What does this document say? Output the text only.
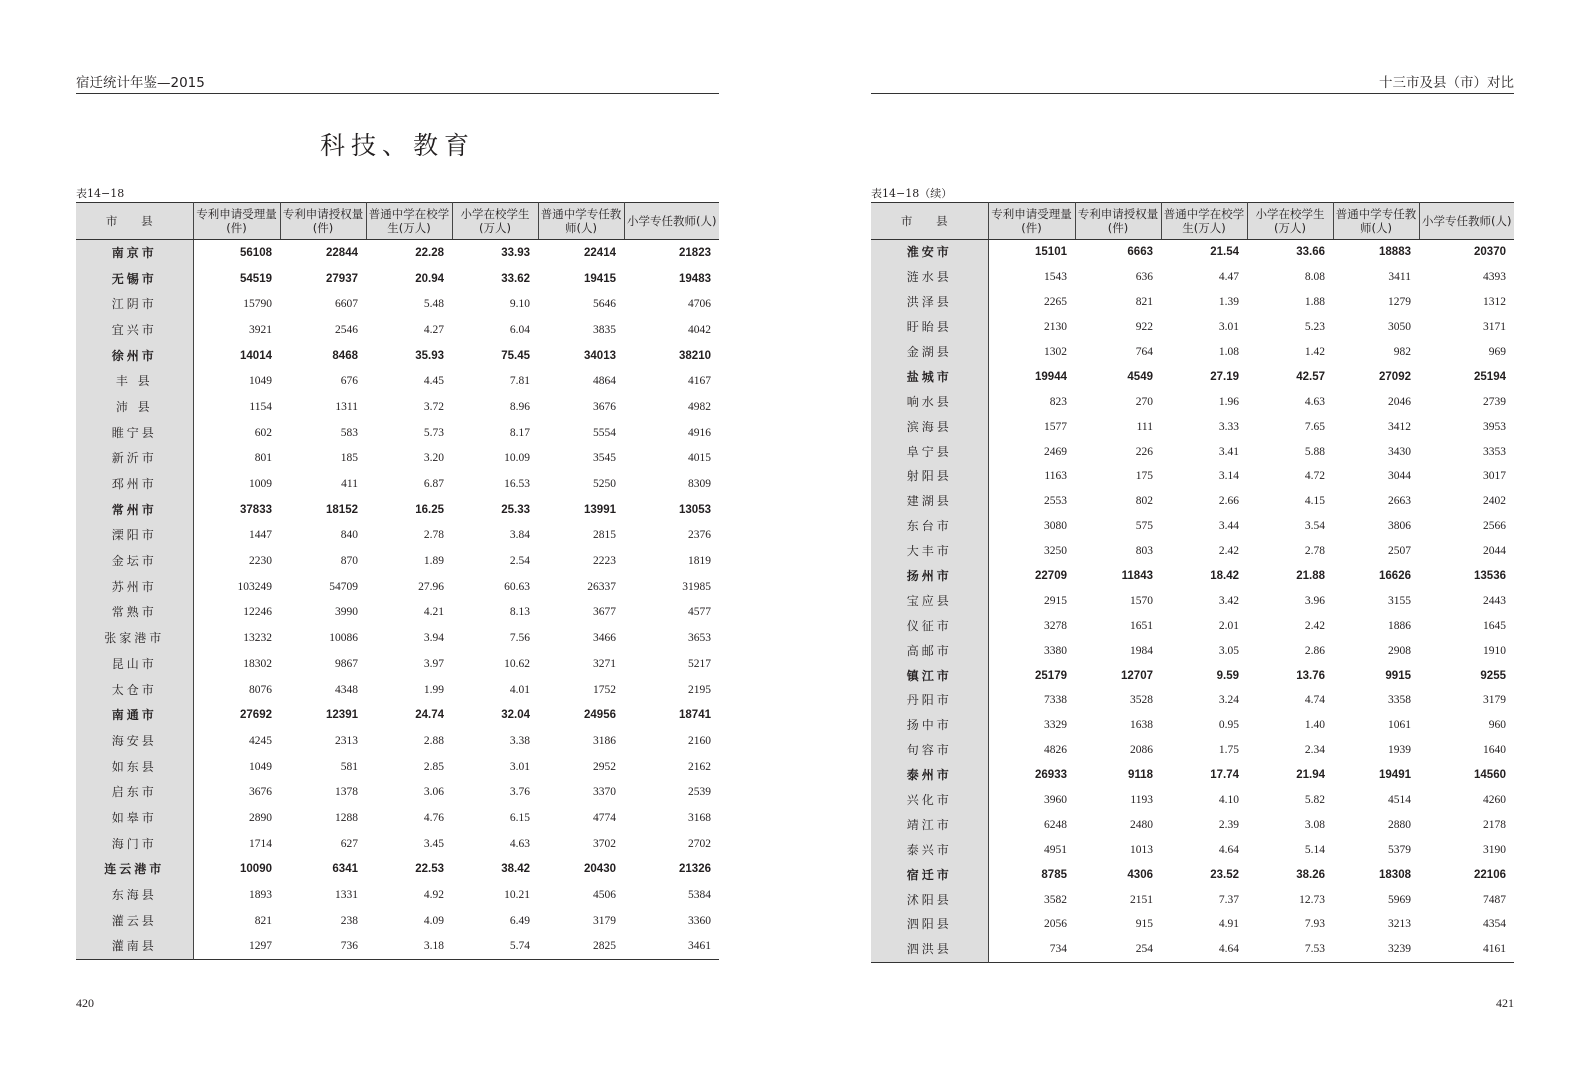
宿迁统计年鉴—2015
科技、教育
表14−18
市 县	专利申请受理量(件)	专利申请授权量(件)	普通中学在校学生(万人)	小学在校学生(万人)	普通中学专任教师(人)	小学专任教师(人)
南京市	56108	22844	22.28	33.93	22414	21823
无锡市	54519	27937	20.94	33.62	19415	19483
江阴市	15790	6607	5.48	9.10	5646	4706
宜兴市	3921	2546	4.27	6.04	3835	4042
徐州市	14014	8468	35.93	75.45	34013	38210
丰 县	1049	676	4.45	7.81	4864	4167
沛 县	1154	1311	3.72	8.96	3676	4982
睢宁县	602	583	5.73	8.17	5554	4916
新沂市	801	185	3.20	10.09	3545	4015
邳州市	1009	411	6.87	16.53	5250	8309
常州市	37833	18152	16.25	25.33	13991	13053
溧阳市	1447	840	2.78	3.84	2815	2376
金坛市	2230	870	1.89	2.54	2223	1819
苏州市	103249	54709	27.96	60.63	26337	31985
常熟市	12246	3990	4.21	8.13	3677	4577
张家港市	13232	10086	3.94	7.56	3466	3653
昆山市	18302	9867	3.97	10.62	3271	5217
太仓市	8076	4348	1.99	4.01	1752	2195
南通市	27692	12391	24.74	32.04	24956	18741
海安县	4245	2313	2.88	3.38	3186	2160
如东县	1049	581	2.85	3.01	2952	2162
启东市	3676	1378	3.06	3.76	3370	2539
如皋市	2890	1288	4.76	6.15	4774	3168
海门市	1714	627	3.45	4.63	3702	2702
连云港市	10090	6341	22.53	38.42	20430	21326
东海县	1893	1331	4.92	10.21	4506	5384
灌云县	821	238	4.09	6.49	3179	3360
灌南县	1297	736	3.18	5.74	2825	3461
420
十三市及县（市）对比
表14−18（续）
市 县	专利申请受理量(件)	专利申请授权量(件)	普通中学在校学生(万人)	小学在校学生(万人)	普通中学专任教师(人)	小学专任教师(人)
淮安市	15101	6663	21.54	33.66	18883	20370
涟水县	1543	636	4.47	8.08	3411	4393
洪泽县	2265	821	1.39	1.88	1279	1312
盱眙县	2130	922	3.01	5.23	3050	3171
金湖县	1302	764	1.08	1.42	982	969
盐城市	19944	4549	27.19	42.57	27092	25194
响水县	823	270	1.96	4.63	2046	2739
滨海县	1577	111	3.33	7.65	3412	3953
阜宁县	2469	226	3.41	5.88	3430	3353
射阳县	1163	175	3.14	4.72	3044	3017
建湖县	2553	802	2.66	4.15	2663	2402
东台市	3080	575	3.44	3.54	3806	2566
大丰市	3250	803	2.42	2.78	2507	2044
扬州市	22709	11843	18.42	21.88	16626	13536
宝应县	2915	1570	3.42	3.96	3155	2443
仪征市	3278	1651	2.01	2.42	1886	1645
高邮市	3380	1984	3.05	2.86	2908	1910
镇江市	25179	12707	9.59	13.76	9915	9255
丹阳市	7338	3528	3.24	4.74	3358	3179
扬中市	3329	1638	0.95	1.40	1061	960
句容市	4826	2086	1.75	2.34	1939	1640
泰州市	26933	9118	17.74	21.94	19491	14560
兴化市	3960	1193	4.10	5.82	4514	4260
靖江市	6248	2480	2.39	3.08	2880	2178
泰兴市	4951	1013	4.64	5.14	5379	3190
宿迁市	8785	4306	23.52	38.26	18308	22106
沭阳县	3582	2151	7.37	12.73	5969	7487
泗阳县	2056	915	4.91	7.93	3213	4354
泗洪县	734	254	4.64	7.53	3239	4161
421
